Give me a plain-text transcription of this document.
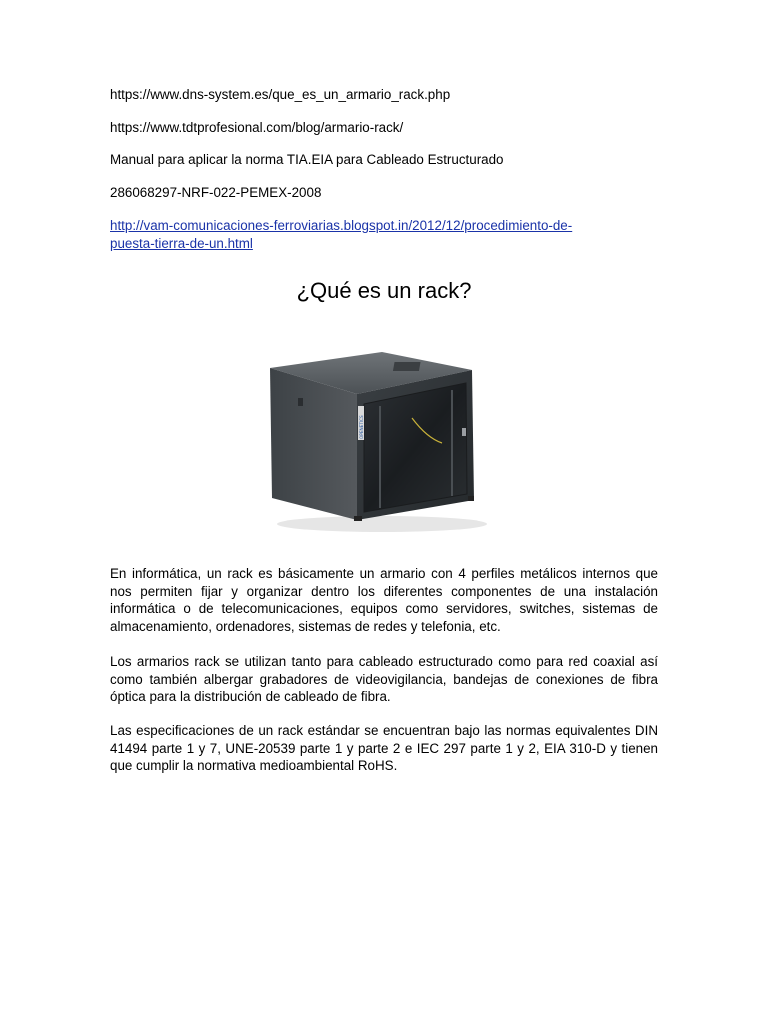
https://www.dns-system.es/que_es_un_armario_rack.php

https://www.tdtprofesional.com/blog/armario-rack/

Manual para aplicar la norma TIA.EIA para Cableado Estructurado

286068297-NRF-022-PEMEX-2008

http://vam-comunicaciones-ferroviarias.blogspot.in/2012/12/procedimiento-de-
puesta-tierra-de-un.html

¿Qué es un rack?
OPENETICS

En informática, un rack es básicamente un armario con 4 perfiles metálicos internos que nos permiten fijar y organizar dentro los diferentes componentes de una instalación informática o de telecomunicaciones, equipos como servidores, switches, sistemas de almacenamiento, ordenadores, sistemas de redes y telefonia, etc.

Los armarios rack se utilizan tanto para cableado estructurado como para red coaxial así como también albergar grabadores de videovigilancia, bandejas de conexiones de fibra óptica para la distribución de cableado de fibra.

Las especificaciones de un rack estándar se encuentran bajo las normas equivalentes DIN 41494 parte 1 y 7, UNE-20539 parte 1 y parte 2 e IEC 297 parte 1 y 2, EIA 310-D y tienen que cumplir la normativa medioambiental RoHS.
